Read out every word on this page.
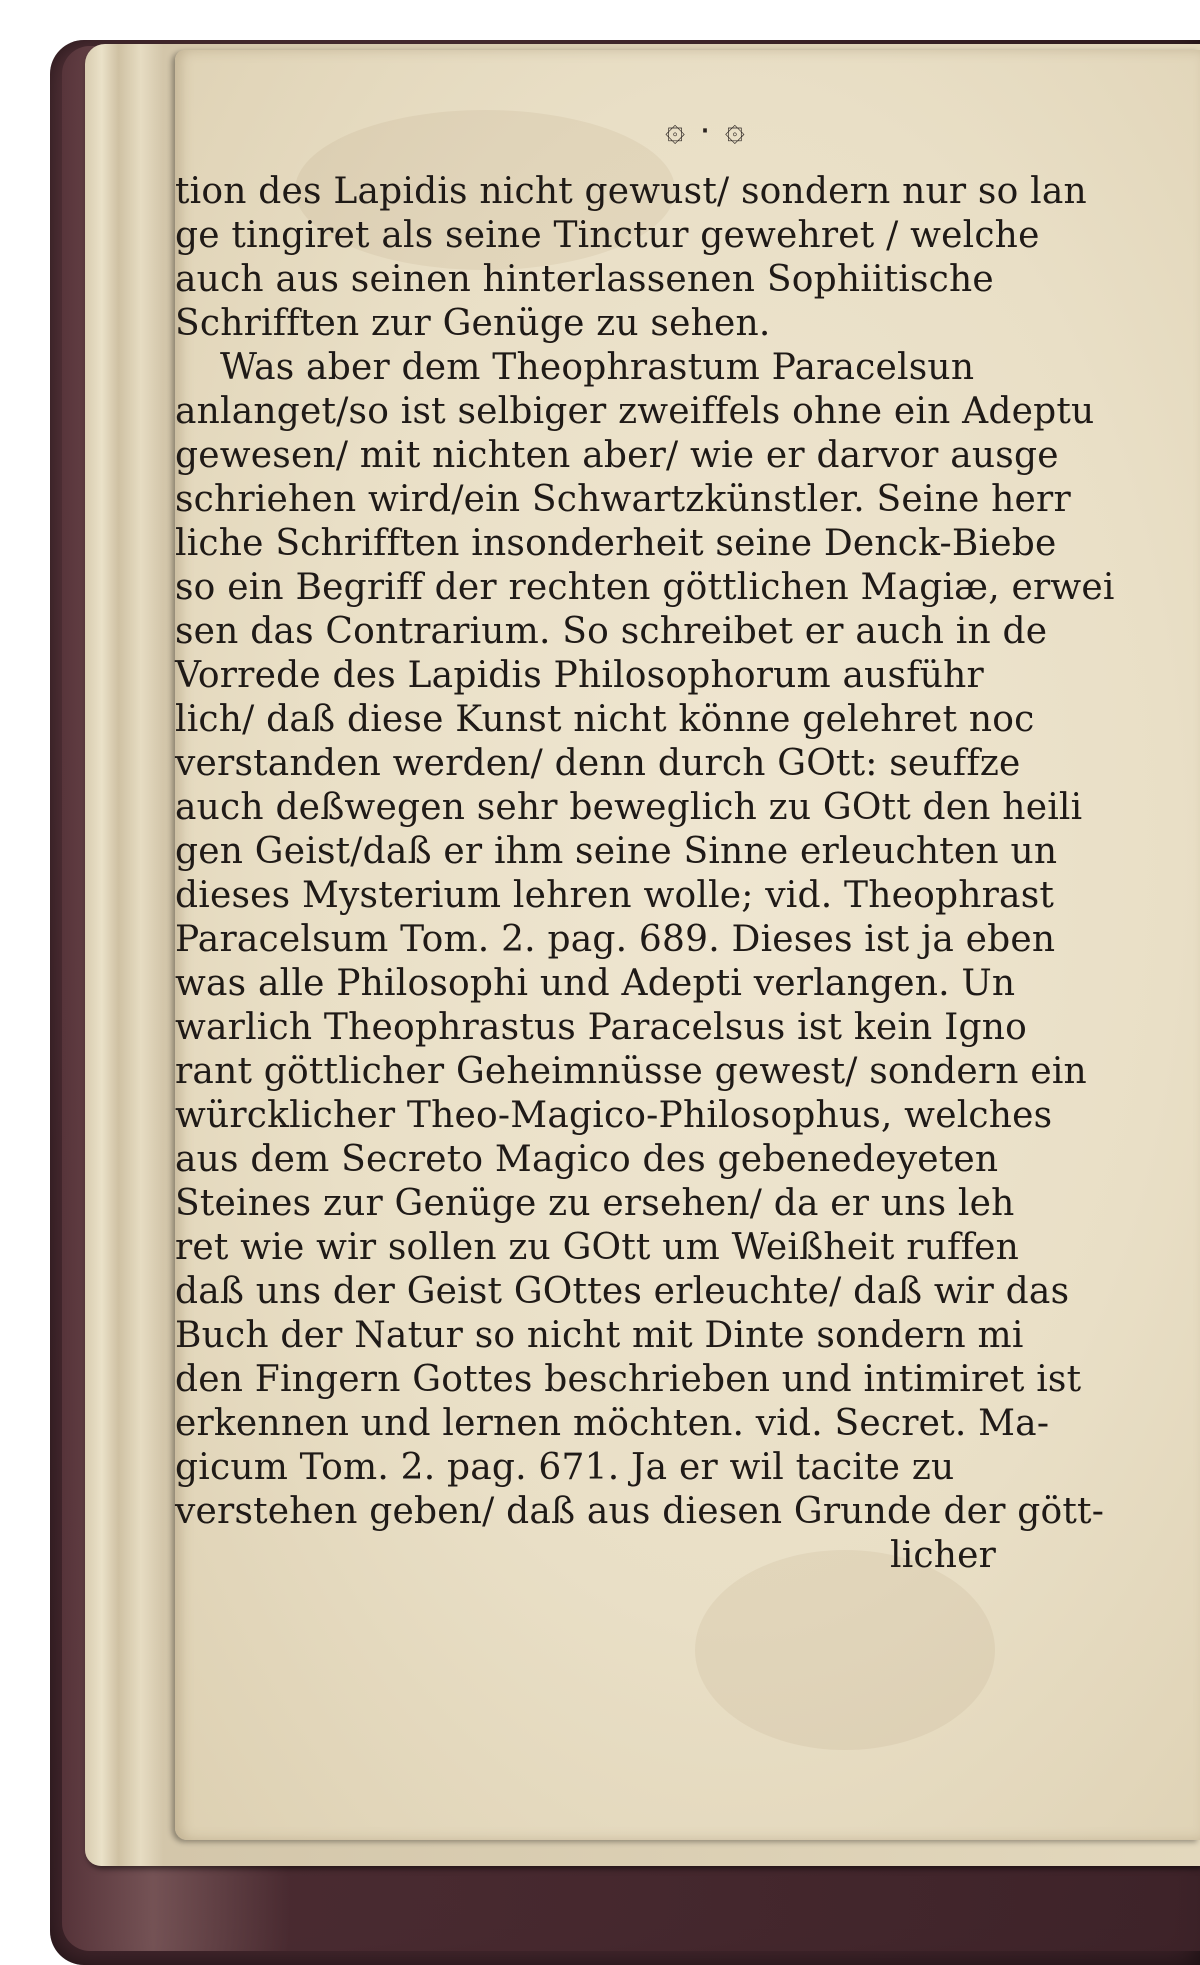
۞ ۰ ۞
tion des Lapidis nicht gewust/ sondern nur so lan
ge tingiret als seine Tinctur gewehret / welche
auch aus seinen hinterlassenen Sophiitische
Schrifften zur Genüge zu sehen.
Was aber dem Theophrastum Paracelsun
anlanget/so ist selbiger zweiffels ohne ein Adeptu
gewesen/ mit nichten aber/ wie er darvor ausge
schriehen wird/ein Schwartzkünstler. Seine herr
liche Schrifften insonderheit seine Denck-Biebe
so ein Begriff der rechten göttlichen Magiæ, erwei
sen das Contrarium. So schreibet er auch in de
Vorrede des Lapidis Philosophorum ausführ
lich/ daß diese Kunst nicht könne gelehret noc
verstanden werden/ denn durch GOtt: seuffze
auch deßwegen sehr beweglich zu GOtt den heili
gen Geist/daß er ihm seine Sinne erleuchten un
dieses Mysterium lehren wolle; vid. Theophrast
Paracelsum Tom. 2. pag. 689. Dieses ist ja eben
was alle Philosophi und Adepti verlangen. Un
warlich Theophrastus Paracelsus ist kein Igno
rant göttlicher Geheimnüsse gewest/ sondern ein
würcklicher Theo-Magico-Philosophus, welches
aus dem Secreto Magico des gebenedeyeten
Steines zur Genüge zu ersehen/ da er uns leh
ret wie wir sollen zu GOtt um Weißheit ruffen
daß uns der Geist GOttes erleuchte/ daß wir das
Buch der Natur so nicht mit Dinte sondern mi
den Fingern Gottes beschrieben und intimiret ist
erkennen und lernen möchten. vid. Secret. Ma-
gicum Tom. 2. pag. 671. Ja er wil tacite zu
verstehen geben/ daß aus diesen Grunde der gött-
licher
